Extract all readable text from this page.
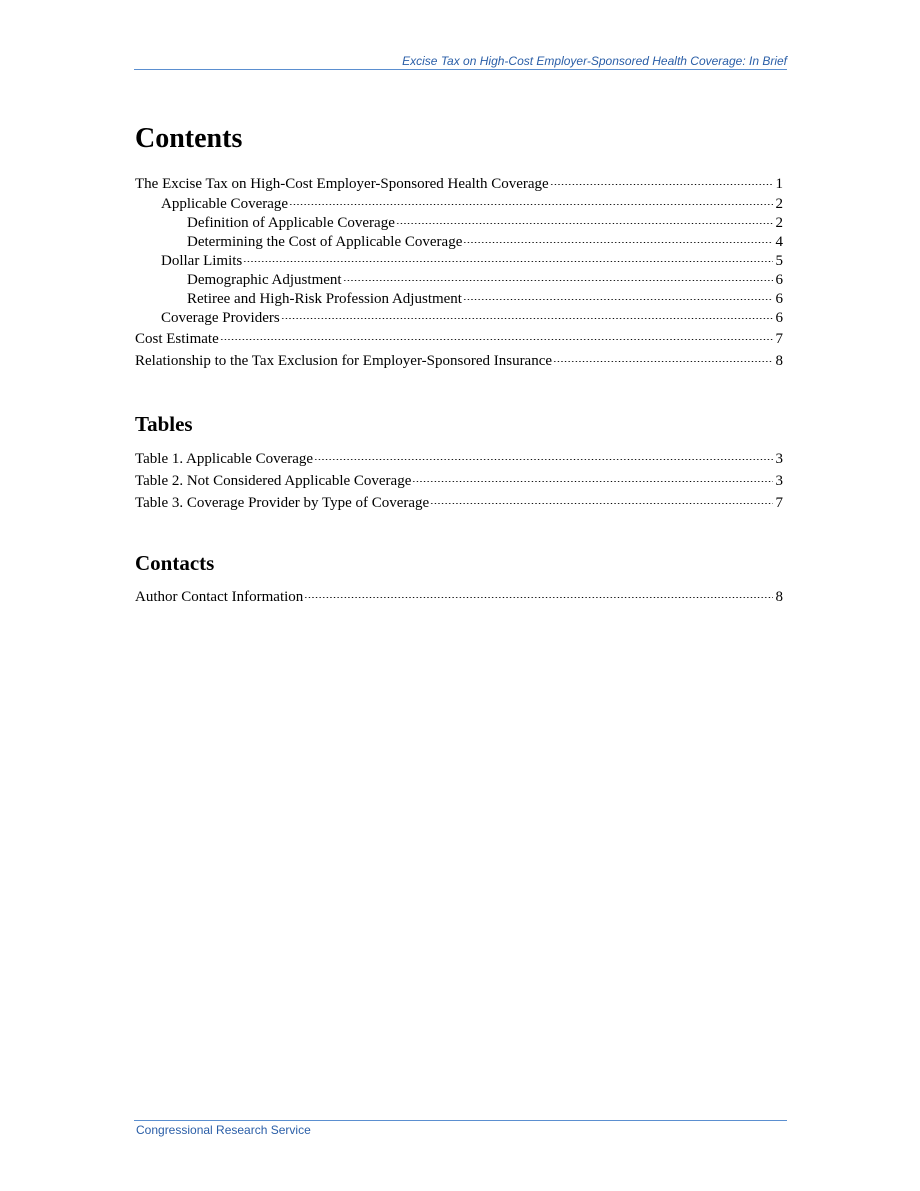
Excise Tax on High-Cost Employer-Sponsored Health Coverage: In Brief
Contents
The Excise Tax on High-Cost Employer-Sponsored Health Coverage	1
Applicable Coverage	2
Definition of Applicable Coverage	2
Determining the Cost of Applicable Coverage	4
Dollar Limits	5
Demographic Adjustment	6
Retiree and High-Risk Profession Adjustment	6
Coverage Providers	6
Cost Estimate	7
Relationship to the Tax Exclusion for Employer-Sponsored Insurance	8
Tables
Table 1. Applicable Coverage	3
Table 2. Not Considered Applicable Coverage	3
Table 3. Coverage Provider by Type of Coverage	7
Contacts
Author Contact Information	8
Congressional Research Service
